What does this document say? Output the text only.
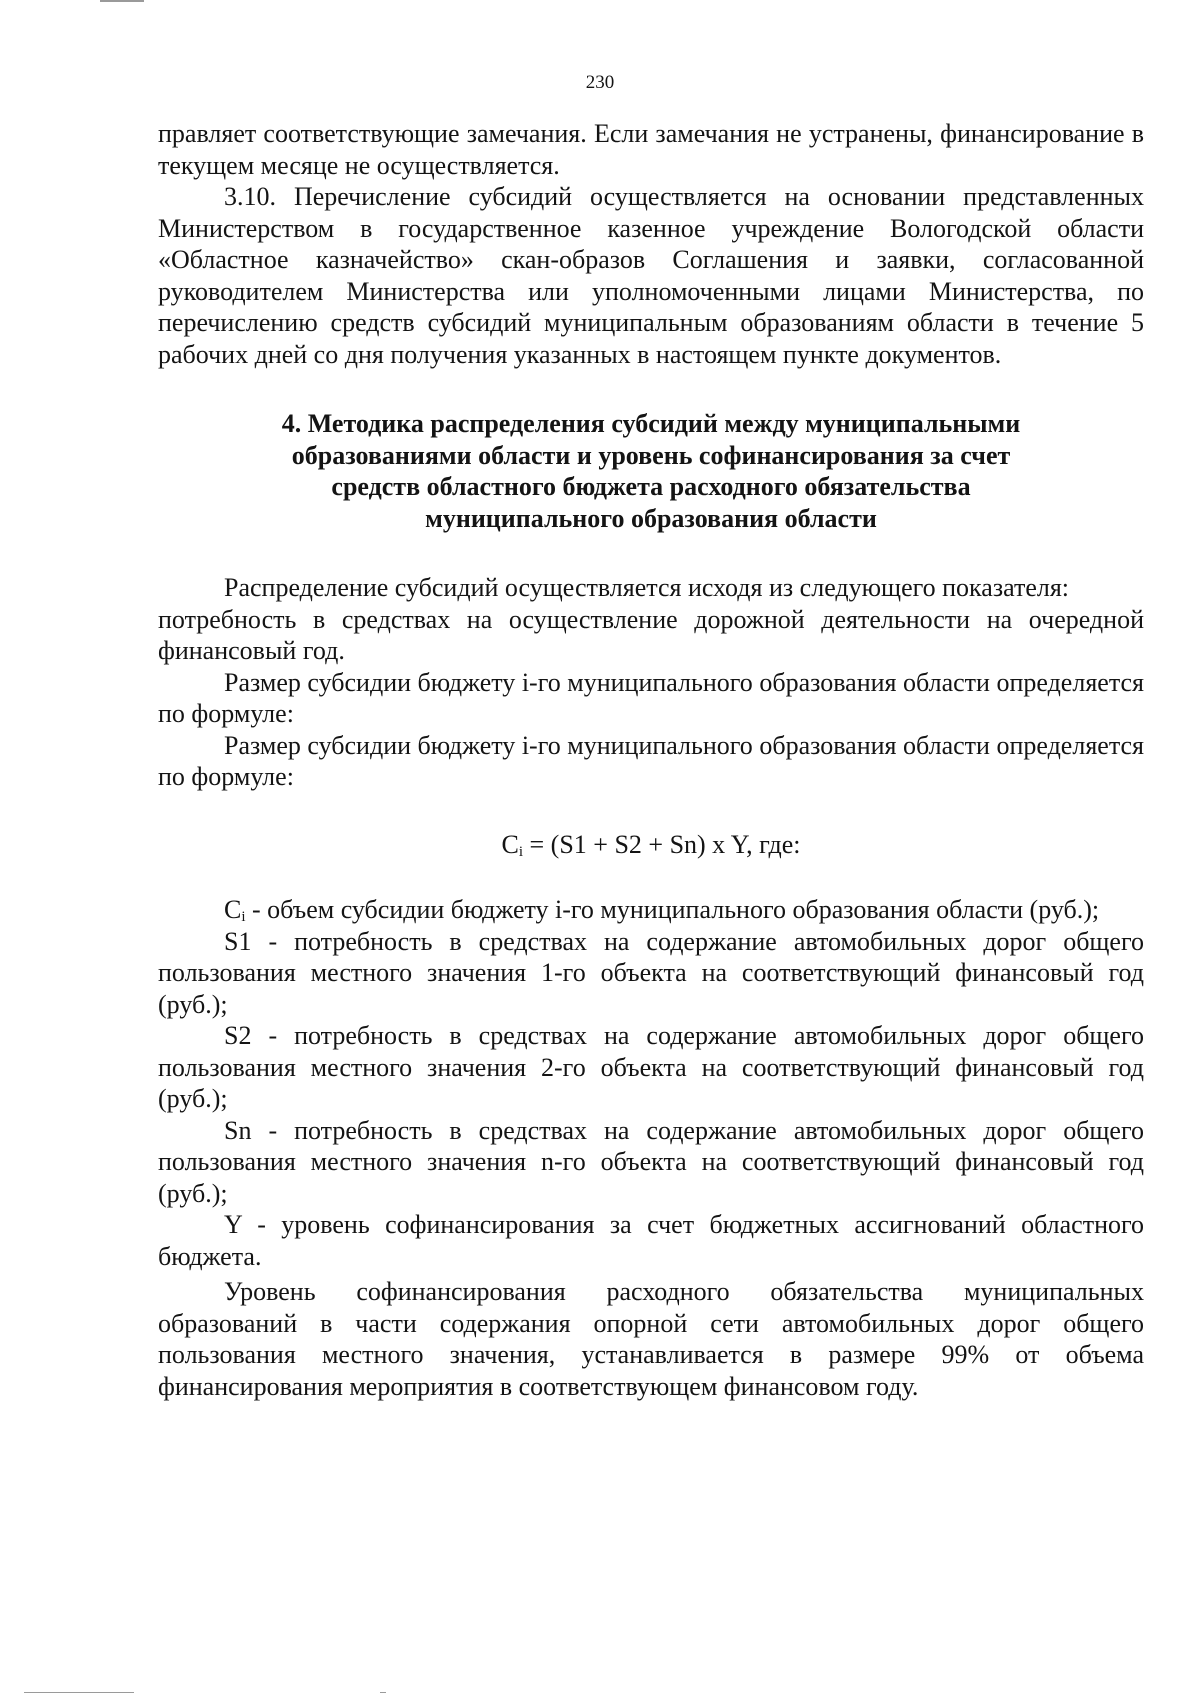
230

правляет соответствующие замечания. Если замечания не устранены, финансирование в текущем месяце не осуществляется.

3.10. Перечисление субсидий осуществляется на основании представленных Министерством в государственное казенное учреждение Вологодской области «Областное казначейство» скан-образов Соглашения и заявки, согласованной руководителем Министерства или уполномоченными лицами Министерства, по перечислению средств субсидий муниципальным образованиям области в течение 5 рабочих дней со дня получения указанных в настоящем пункте документов.

4. Методика распределения субсидий между муниципальными
образованиями области и уровень софинансирования за счет
средств областного бюджета расходного обязательства
муниципального образования области

Распределение субсидий осуществляется исходя из следующего показателя:

потребность в средствах на осуществление дорожной деятельности на очередной финансовый год.

Размер субсидии бюджету i-го муниципального образования области определяется по формуле:

Размер субсидии бюджету i-го муниципального образования области определяется по формуле:

$C_i = (S1 + S2 + Sn)$ x Y, где:

$C_i$ - объем субсидии бюджету i-го муниципального образования области (руб.);

S1 - потребность в средствах на содержание автомобильных дорог общего пользования местного значения 1-го объекта на соответствующий финансовый год (руб.);

S2 - потребность в средствах на содержание автомобильных дорог общего пользования местного значения 2-го объекта на соответствующий финансовый год (руб.);

Sn - потребность в средствах на содержание автомобильных дорог общего пользования местного значения n-го объекта на соответствующий финансовый год (руб.);

Y - уровень софинансирования за счет бюджетных ассигнований областного бюджета.

Уровень софинансирования расходного обязательства муниципальных образований в части содержания опорной сети автомобильных дорог общего пользования местного значения, устанавливается в размере 99% от объема финансирования мероприятия в соответствующем финансовом году.
